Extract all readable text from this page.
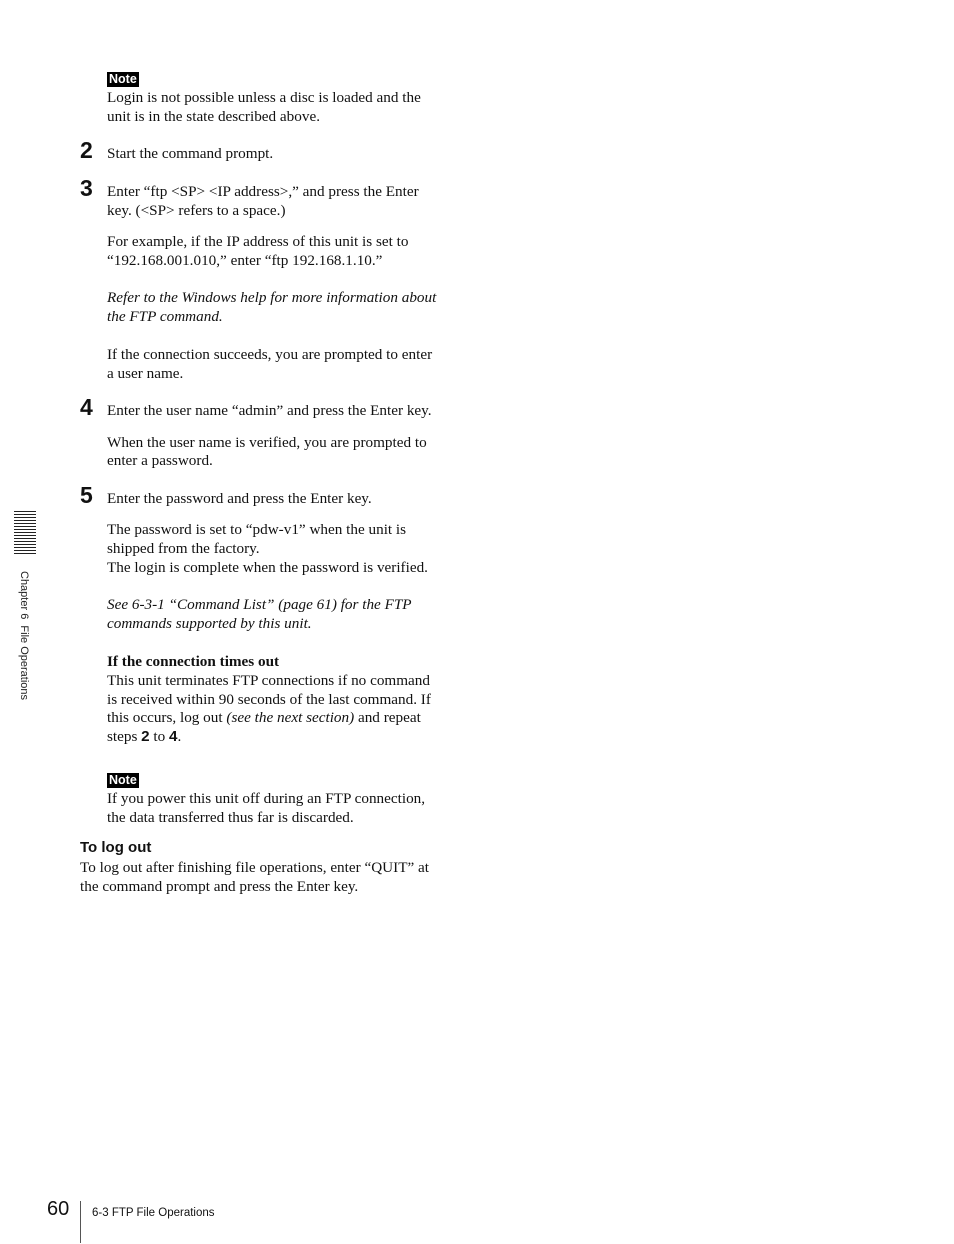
Note
Login is not possible unless a disc is loaded and the
unit is in the state described above.
2 Start the command prompt.
3 Enter “ftp <SP> <IP address>,” and press the Enter
key. (<SP> refers to a space.)
For example, if the IP address of this unit is set to
“192.168.001.010,” enter “ftp 192.168.1.10.”
Refer to the Windows help for more information about
the FTP command.
If the connection succeeds, you are prompted to enter
a user name.
4 Enter the user name “admin” and press the Enter key.
When the user name is verified, you are prompted to
enter a password.
5 Enter the password and press the Enter key.
The password is set to “pdw-v1” when the unit is
shipped from the factory.
The login is complete when the password is verified.
See 6-3-1 “Command List” (page 61) for the FTP
commands supported by this unit.
If the connection times out
This unit terminates FTP connections if no command
is received within 90 seconds of the last command. If
this occurs, log out (see the next section) and repeat
steps 2 to 4.
Note
If you power this unit off during an FTP connection,
the data transferred thus far is discarded.
To log out
To log out after finishing file operations, enter “QUIT” at
the command prompt and press the Enter key.
Chapter 6  File Operations
60 6-3 FTP File Operations
